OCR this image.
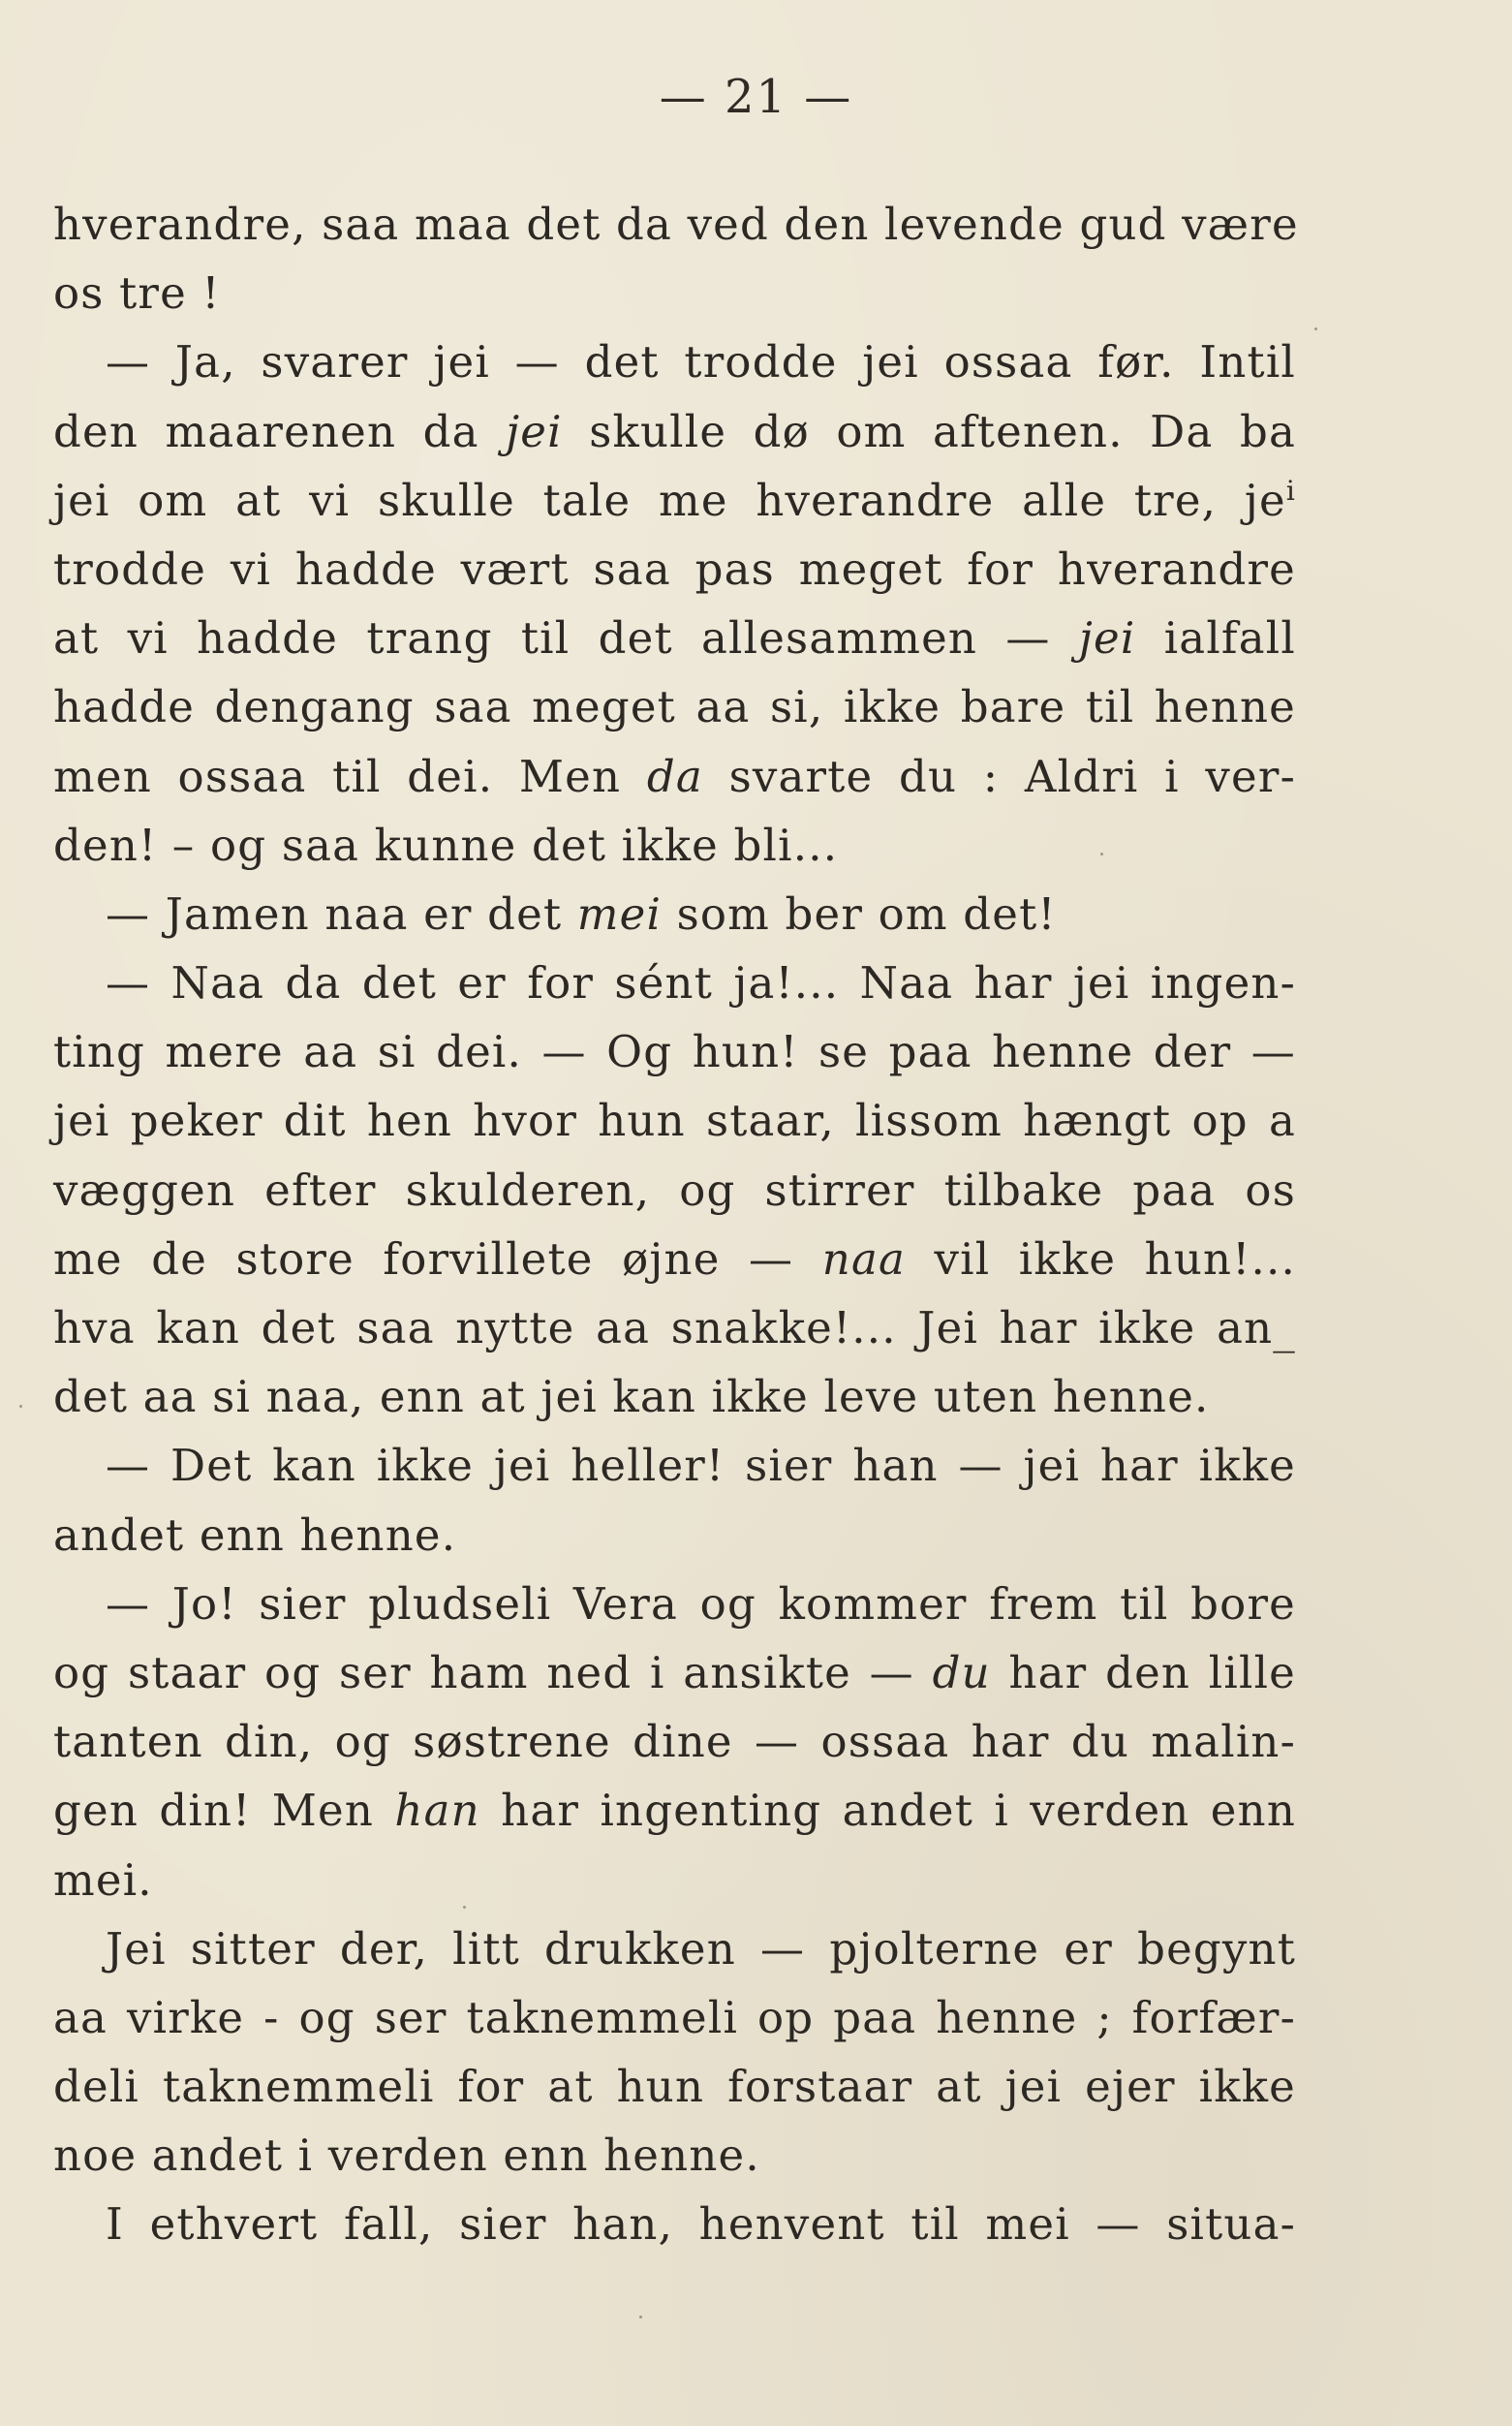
— 21 —
hverandre, saa maa det da ved den levende gud være
os tre !
— Ja, svarer jei — det trodde jei ossaa før. Intil
den maarenen da jei skulle dø om aftenen. Da ba
jei om at vi skulle tale me hverandre alle tre, $je^i$
trodde vi hadde vært saa pas meget for hverandre
at vi hadde trang til det allesammen — jei ialfall
hadde dengang saa meget aa si, ikke bare til henne
men ossaa til dei. Men da svarte du : Aldri i ver-
den! – og saa kunne det ikke bli...
— Jamen naa er det mei som ber om det!
— Naa da det er for sént ja!... Naa har jei ingen-
ting mere aa si dei. — Og hun! se paa henne der —
jei peker dit hen hvor hun staar, lissom hængt op a
væggen efter skulderen, og stirrer tilbake paa os
me de store forvillete øjne — naa vil ikke hun!...
hva kan det saa nytte aa snakke!... Jei har ikke an_
det aa si naa, enn at jei kan ikke leve uten henne.
— Det kan ikke jei heller! sier han — jei har ikke
andet enn henne.
— Jo! sier pludseli Vera og kommer frem til bore
og staar og ser ham ned i ansikte — du har den lille
tanten din, og søstrene dine — ossaa har du malin-
gen din! Men han har ingenting andet i verden enn
mei.
Jei sitter der, litt drukken — pjolterne er begynt
aa virke - og ser taknemmeli op paa henne ; forfær-
deli taknemmeli for at hun forstaar at jei ejer ikke
noe andet i verden enn henne.
I ethvert fall, sier han, henvent til mei — situa-
